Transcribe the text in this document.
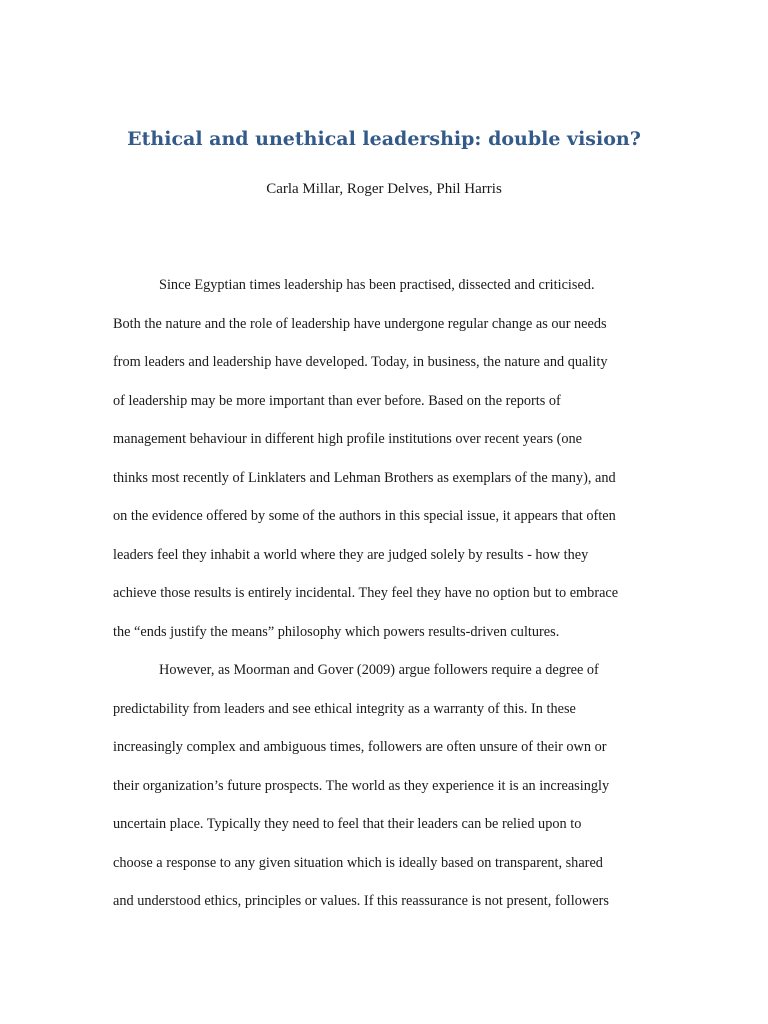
Ethical and unethical leadership: double vision?

Carla Millar, Roger Delves, Phil Harris

Since Egyptian times leadership has been practised, dissected and criticised.
Both the nature and the role of leadership have undergone regular change as our needs
from leaders and leadership have developed. Today, in business, the nature and quality
of leadership may be more important than ever before. Based on the reports of
management behaviour in different high profile institutions over recent years (one
thinks most recently of Linklaters and Lehman Brothers as exemplars of the many), and
on the evidence offered by some of the authors in this special issue, it appears that often
leaders feel they inhabit a world where they are judged solely by results - how they
achieve those results is entirely incidental. They feel they have no option but to embrace
the “ends justify the means” philosophy which powers results-driven cultures.
However, as Moorman and Gover (2009) argue followers require a degree of
predictability from leaders and see ethical integrity as a warranty of this. In these
increasingly complex and ambiguous times, followers are often unsure of their own or
their organization’s future prospects. The world as they experience it is an increasingly
uncertain place. Typically they need to feel that their leaders can be relied upon to
choose a response to any given situation which is ideally based on transparent, shared
and understood ethics, principles or values. If this reassurance is not present, followers
